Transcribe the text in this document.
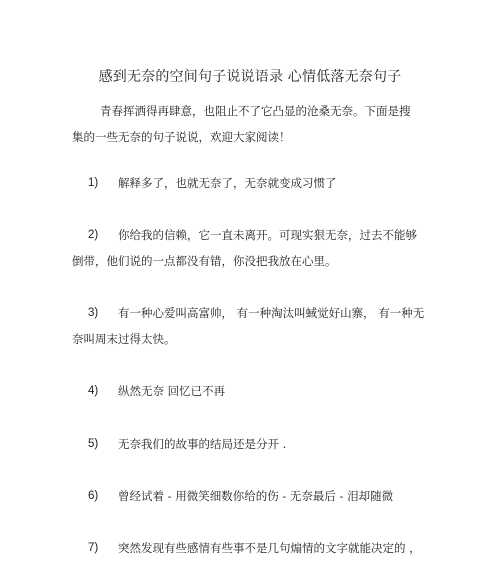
感到无奈的空间句子说说语录 心情低落无奈句子
青春挥洒得再肆意，也阻止不了它凸显的沧桑无奈。下面是搜
集的一些无奈的句子说说，欢迎大家阅读！
1)	解释多了，也就无奈了，无奈就变成习惯了
2)	你给我的信赖，它一直未离开。可现实狠无奈，过去不能够
倒带，他们说的一点都没有错，你没把我放在心里。
3)	有一种心爱叫高富帅， 有一种淘汰叫蜮觉好山寨， 有一种无
奈叫周末过得太快。
4)	纵然无奈 回忆已不再
5)	无奈我们的故事的结局还是分开 .
6)	曾经试着 - 用微笑细数你给的伤 - 无奈最后 - 泪却随微
7)	突然发现有些感情有些事不是几句煽情的文字就能决定的 ，
